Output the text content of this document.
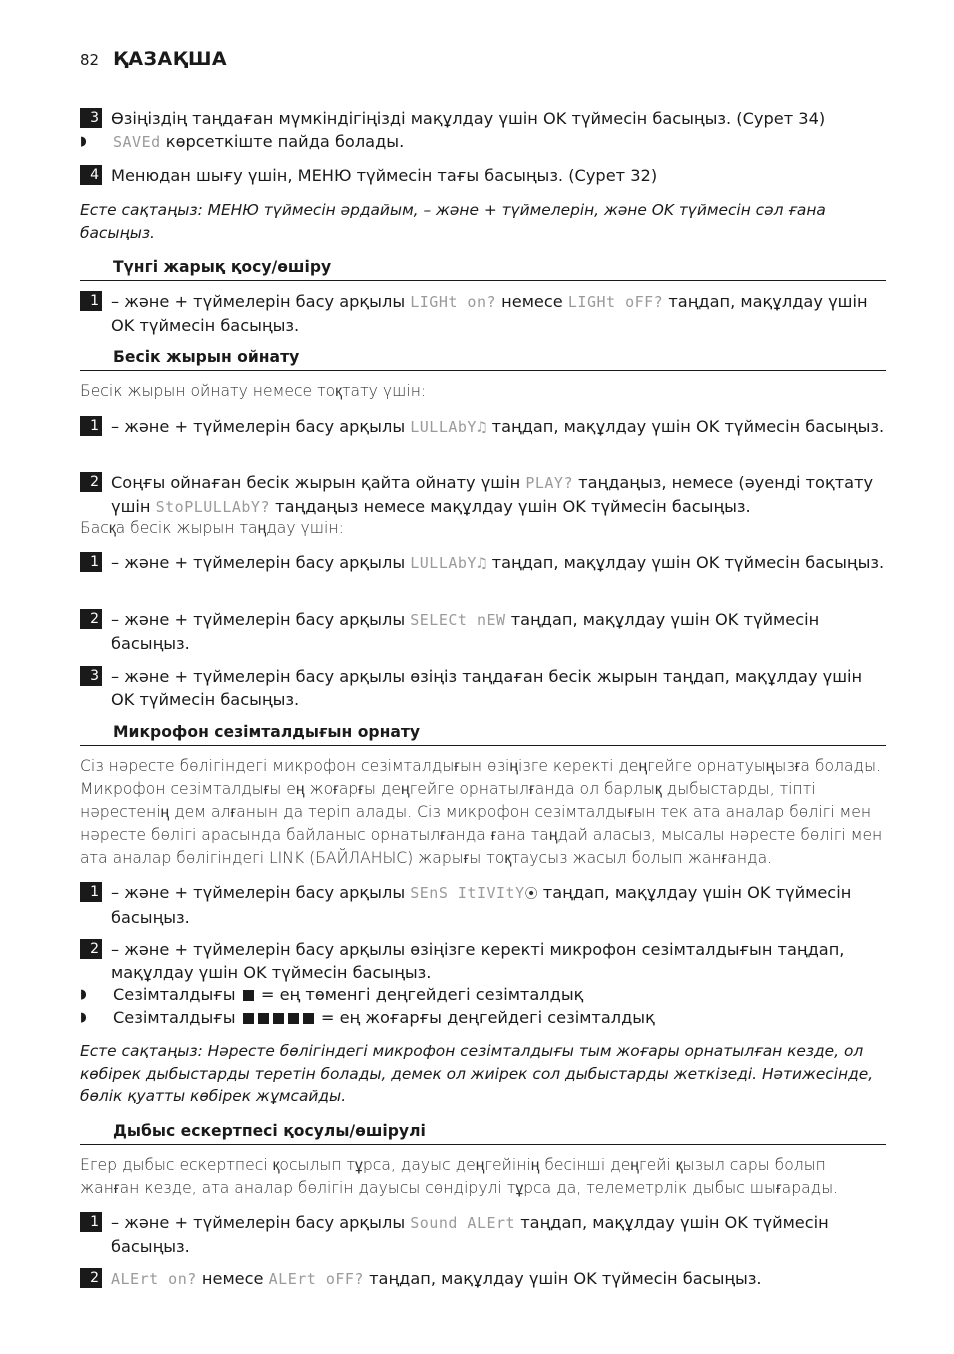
82 ҚАЗАҚША
3 Өзіңіздің таңдаған мүмкіндігіңізді мақұлдау үшін OK түймесін басыңыз. (Сурет 34)
◗	SAVEd көрсеткіште пайда болады.
4 Менюдан шығу үшін, МЕНЮ түймесін тағы басыңыз. (Сурет 32)
Есте сақтаңыз: МЕНЮ түймесін әрдайым, – және + түймелерін, және OK түймесін сәл ғана басыңыз.
Түнгі жарық қосу/өшіру
1 – және + түймелерін басу арқылы LIGHt on? немесе LIGHt oFF? таңдап, мақұлдау үшін OK түймесін басыңыз.
Бесік жырын ойнату
Бесік жырын ойнату немесе тоқтату үшін:
1 – және + түймелерін басу арқылы LULLAbY♫ таңдап, мақұлдау үшін OK түймесін басыңыз.
2 Соңғы ойнаған бесік жырын қайта ойнату үшін PLAY? таңдаңыз, немесе (әуенді тоқтату үшін StoPLULLAbY? таңдаңыз немесе мақұлдау үшін OK түймесін басыңыз.
Басқа бесік жырын таңдау үшін:
1 – және + түймелерін басу арқылы LULLAbY♫ таңдап, мақұлдау үшін OK түймесін басыңыз.
2 – және + түймелерін басу арқылы SELECt nEW таңдап, мақұлдау үшін OK түймесін басыңыз.
3 – және + түймелерін басу арқылы өзіңіз таңдаған бесік жырын таңдап, мақұлдау үшін OK түймесін басыңыз.
Микрофон сезімталдығын орнату
Сіз нәресте бөлігіндегі микрофон сезімталдығын өзіңізге керекті деңгейге орнатуыңызға болады. Микрофон сезімталдығы ең жоғарғы деңгейге орнатылғанда ол барлық дыбыстарды, тіпті нәрестенің дем алғанын да теріп алады. Сіз микрофон сезімталдығын тек ата аналар бөлігі мен нәресте бөлігі арасында байланыс орнатылғанда ғана таңдай аласыз, мысалы нәресте бөлігі мен ата аналар бөлігіндегі LINK (БАЙЛАНЫС) жарығы тоқтаусыз жасыл болып жанғанда.
1 – және + түймелерін басу арқылы SEnS ItIVItY⦿ таңдап, мақұлдау үшін OK түймесін басыңыз.
2 – және + түймелерін басу арқылы өзіңізге керекті микрофон сезімталдығын таңдап, мақұлдау үшін OK түймесін басыңыз.
◗	Сезімталдығы  = ең төменгі деңгейдегі сезімталдық
◗	Сезімталдығы	= ең жоғарғы деңгейдегі сезімталдық
Есте сақтаңыз: Нәресте бөлігіндегі микрофон сезімталдығы тым жоғары орнатылған кезде, ол көбірек дыбыстарды теретін болады, демек ол жиірек сол дыбыстарды жеткізеді. Нәтижесінде, бөлік қуатты көбірек жұмсайды.
Дыбыс ескертпесі қосулы/өшірулі
Егер дыбыс ескертпесі қосылып тұрса, дауыс деңгейінің бесінші деңгейі қызыл сары болып жанған кезде, ата аналар бөлігін дауысы сөндірулі тұрса да, телеметрлік дыбыс шығарады.
1 – және + түймелерін басу арқылы Sound ALErt таңдап, мақұлдау үшін OK түймесін басыңыз.
2 ALErt on? немесе ALErt oFF? таңдап, мақұлдау үшін OK түймесін басыңыз.
